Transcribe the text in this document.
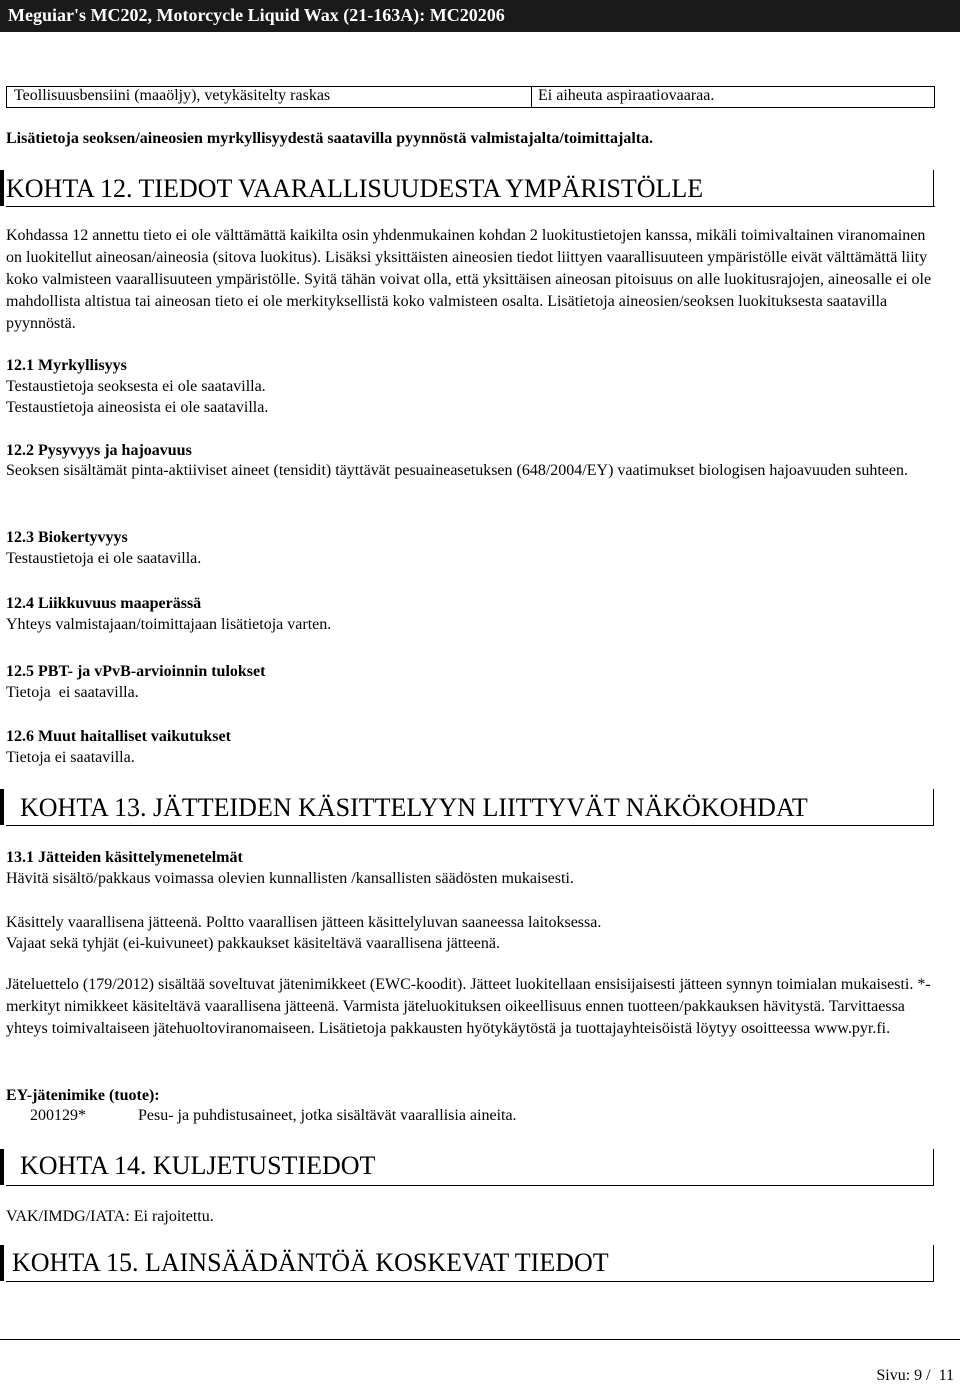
Meguiar's MC202, Motorcycle Liquid Wax (21-163A): MC20206
Teollisuusbensiini (maaöljy), vetykäsitelty raskas	Ei aiheuta aspiraatiovaaraa.
Lisätietoja seoksen/aineosien myrkyllisyydestä saatavilla pyynnöstä valmistajalta/toimittajalta.
KOHTA 12. TIEDOT VAARALLISUUDESTA YMPÄRISTÖLLE
Kohdassa 12 annettu tieto ei ole välttämättä kaikilta osin yhdenmukainen kohdan 2 luokitustietojen kanssa, mikäli toimivaltainen viranomainen on luokitellut aineosan/aineosia (sitova luokitus). Lisäksi yksittäisten aineosien tiedot liittyen vaarallisuuteen ympäristölle eivät välttämättä liity koko valmisteen vaarallisuuteen ympäristölle. Syitä tähän voivat olla, että yksittäisen aineosan pitoisuus on alle luokitusrajojen, aineosalle ei ole mahdollista altistua tai aineosan tieto ei ole merkityksellistä koko valmisteen osalta. Lisätietoja aineosien/seoksen luokituksesta saatavilla pyynnöstä.
12.1 Myrkyllisyys
Testaustietoja seoksesta ei ole saatavilla.
Testaustietoja aineosista ei ole saatavilla.
12.2 Pysyvyys ja hajoavuus
Seoksen sisältämät pinta-aktiiviset aineet (tensidit) täyttävät pesuaineasetuksen (648/2004/EY) vaatimukset biologisen hajoavuuden suhteen.
12.3 Biokertyvyys
Testaustietoja ei ole saatavilla.
12.4 Liikkuvuus maaperässä
Yhteys valmistajaan/toimittajaan lisätietoja varten.
12.5 PBT- ja vPvB-arvioinnin tulokset
Tietoja  ei saatavilla.
12.6 Muut haitalliset vaikutukset
Tietoja ei saatavilla.
KOHTA 13. JÄTTEIDEN KÄSITTELYYN LIITTYVÄT NÄKÖKOHDAT
13.1 Jätteiden käsittelymenetelmät
Hävitä sisältö/pakkaus voimassa olevien kunnallisten /kansallisten säädösten mukaisesti.
Käsittely vaarallisena jätteenä. Poltto vaarallisen jätteen käsittelyluvan saaneessa laitoksessa.
Vajaat sekä tyhjät (ei-kuivuneet) pakkaukset käsiteltävä vaarallisena jätteenä.
Jäteluettelo (179/2012) sisältää soveltuvat jätenimikkeet (EWC-koodit). Jätteet luokitellaan ensisijaisesti jätteen synnyn toimialan mukaisesti. *-merkityt nimikkeet käsiteltävä vaarallisena jätteenä. Varmista jäteluokituksen oikeellisuus ennen tuotteen/pakkauksen hävitystä. Tarvittaessa yhteys toimivaltaiseen jätehuoltoviranomaiseen. Lisätietoja pakkausten hyötykäytöstä ja tuottajayhteisöistä löytyy osoitteessa www.pyr.fi.
EY-jätenimike (tuote):
200129*	Pesu- ja puhdistusaineet, jotka sisältävät vaarallisia aineita.
KOHTA 14. KULJETUSTIEDOT
VAK/IMDG/IATA: Ei rajoitettu.
KOHTA 15. LAINSÄÄDÄNTÖÄ KOSKEVAT TIEDOT
Sivu: 9 /  11
